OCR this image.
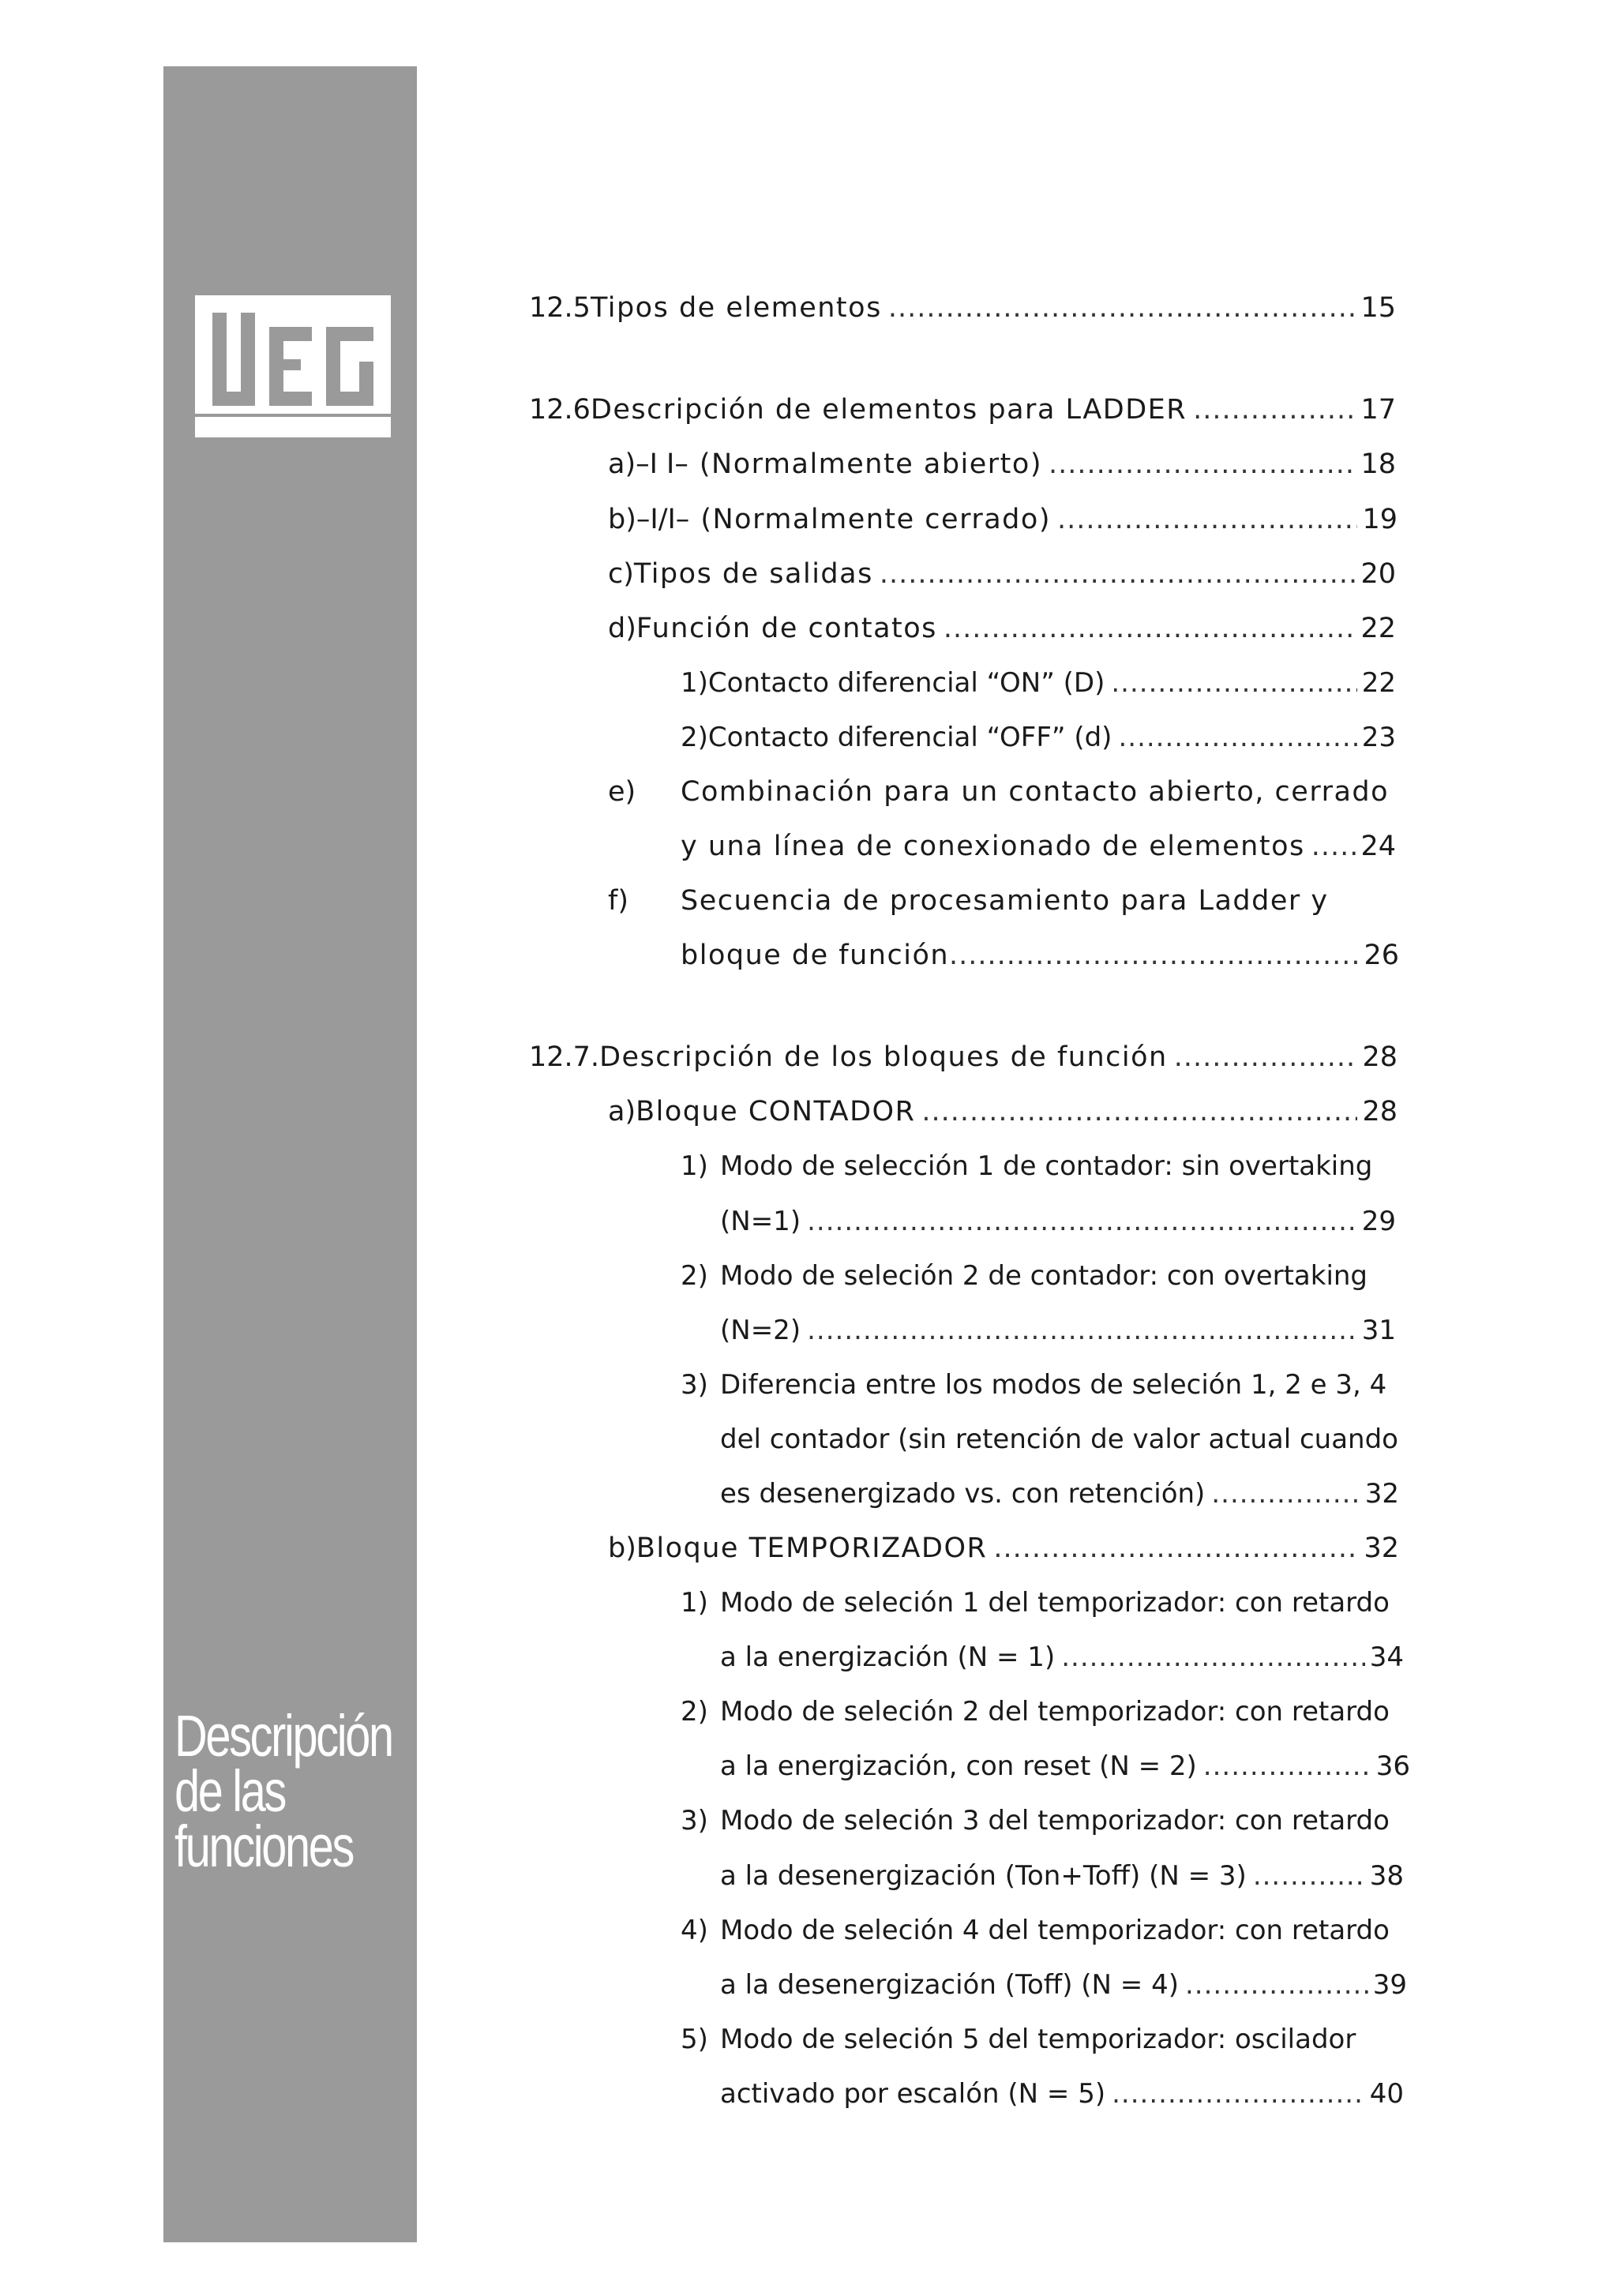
Descripción
de las
funciones
12.5 Tipos de elementos .....	15
12.6 Descripción de elementos para LADDER .....	17
a) –I I– (Normalmente abierto) .....	18
b) –I/I– (Normalmente cerrado) .....	19
c) Tipos de salidas .....	20
d) Función de contatos .....	22
1) Contacto diferencial “ON” (D) .....	22
2) Contacto diferencial “OFF” (d) .....	23
e)	Combinación para un contacto abierto, cerrado
y una línea de conexionado de elementos ..... 24
f)	Secuencia de procesamiento para Ladder y
bloque de función .....	26
12.7. Descripción de los bloques de función .....	28
a) Bloque CONTADOR .....	28
1) Modo de selección 1 de contador: sin overtaking
(N=1) .....	29
2) Modo de seleción 2 de contador: con overtaking
(N=2) .....	31
3) Diferencia entre los modos de seleción 1, 2 e 3, 4
del contador (sin retención de valor actual cuando
es desenergizado vs. con retención) .....	32
b) Bloque TEMPORIZADOR .....	32
1) Modo de seleción 1 del temporizador: con retardo
a la energización (N = 1) .....	34
2) Modo de seleción 2 del temporizador: con retardo
a la energización, con reset (N = 2) .....	36
3) Modo de seleción 3 del temporizador: con retardo
a la desenergización (Ton+Toff) (N = 3) .....	38
4) Modo de seleción 4 del temporizador: con retardo
a la desenergización (Toff) (N = 4) .....	39
5) Modo de seleción 5 del temporizador: oscilador
activado por escalón (N = 5) .....	40
